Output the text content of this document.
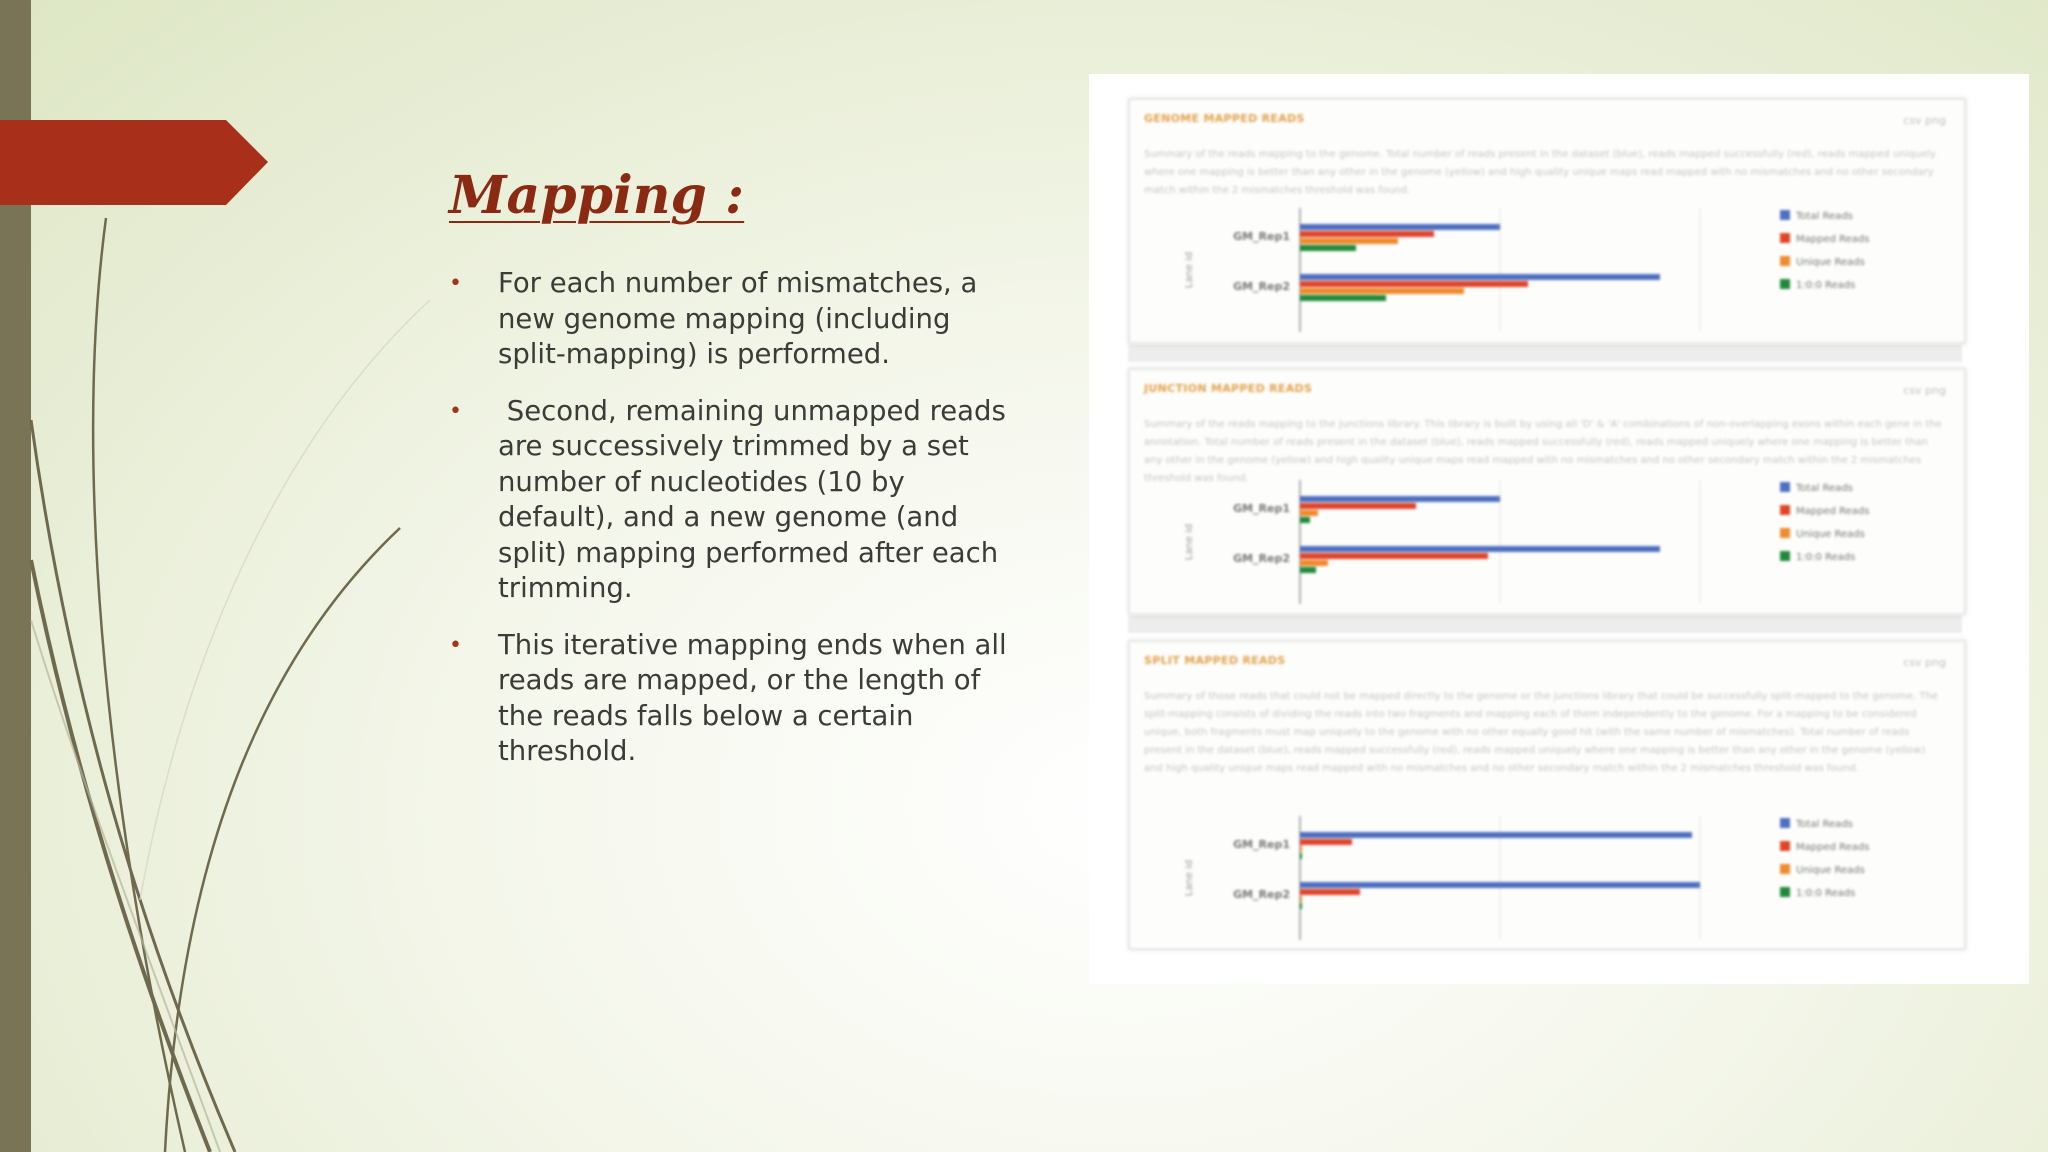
Mapping :
• For each number of mismatches, a new genome mapping (including split-mapping) is performed.
• Second, remaining unmapped reads are successively trimmed by a set number of nucleotides (10 by default), and a new genome (and split) mapping performed after each trimming.
• This iterative mapping ends when all reads are mapped, or the length of the reads falls below a certain threshold.
GENOME MAPPED READS	csv png
Summary of the reads mapping to the genome. Total number of reads present in the dataset (blue), reads mapped successfully (red), reads mapped uniquely where one mapping is better than any other in the genome (yellow) and high quality unique maps read mapped with no mismatches and no other secondary match within the 2 mismatches threshold was found.
Lane id
GM_Rep1
GM_Rep2
Total Reads
Mapped Reads
Unique Reads
1:0:0 Reads
JUNCTION MAPPED READS	csv png
Summary of the reads mapping to the junctions library. This library is built by using all 'D' & 'A' combinations of non-overlapping exons within each gene in the annotation. Total number of reads present in the dataset (blue), reads mapped successfully (red), reads mapped uniquely where one mapping is better than any other in the genome (yellow) and high quality unique maps read mapped with no mismatches and no other secondary match within the 2 mismatches threshold was found.
Lane id
GM_Rep1
GM_Rep2
Total Reads
Mapped Reads
Unique Reads
1:0:0 Reads
SPLIT MAPPED READS	csv png
Summary of those reads that could not be mapped directly to the genome or the junctions library that could be successfully split-mapped to the genome. The split-mapping consists of dividing the reads into two fragments and mapping each of them independently to the genome. For a mapping to be considered unique, both fragments must map uniquely to the genome with no other equally good hit (with the same number of mismatches). Total number of reads present in the dataset (blue), reads mapped successfully (red), reads mapped uniquely where one mapping is better than any other in the genome (yellow) and high quality unique maps read mapped with no mismatches and no other secondary match within the 2 mismatches threshold was found.
Lane id
GM_Rep1
GM_Rep2
Total Reads
Mapped Reads
Unique Reads
1:0:0 Reads
